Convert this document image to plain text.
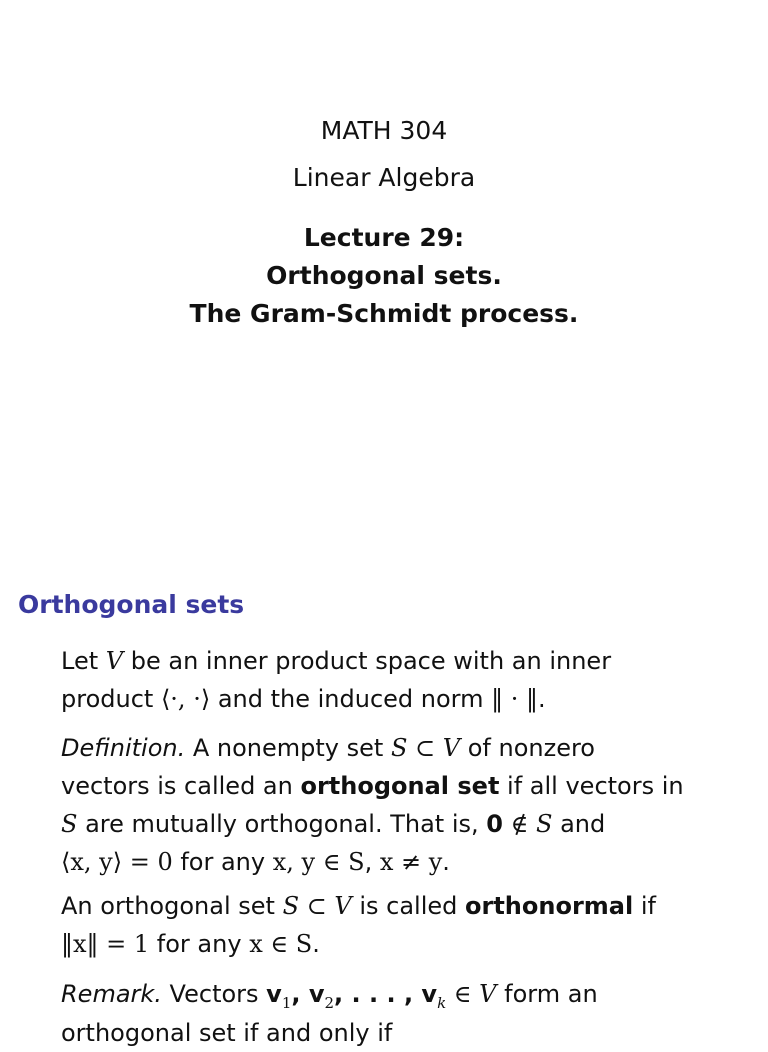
MATH 304
Linear Algebra
Lecture 29:
Orthogonal sets.
The Gram-Schmidt process.
Orthogonal sets
Let V be an inner product space with an inner
product ⟨·, ·⟩ and the induced norm ‖ · ‖.
Definition. A nonempty set S ⊂ V of nonzero
vectors is called an orthogonal set if all vectors in
S are mutually orthogonal. That is, 0 ∉ S and
⟨x, y⟩ = 0 for any x, y ∈ S, x ≠ y.
An orthogonal set S ⊂ V is called orthonormal if
‖x‖ = 1 for any x ∈ S.
Remark. Vectors $v_1$, $v_2$, . . . , $v_k$ ∈ V form an
orthogonal set if and only if
